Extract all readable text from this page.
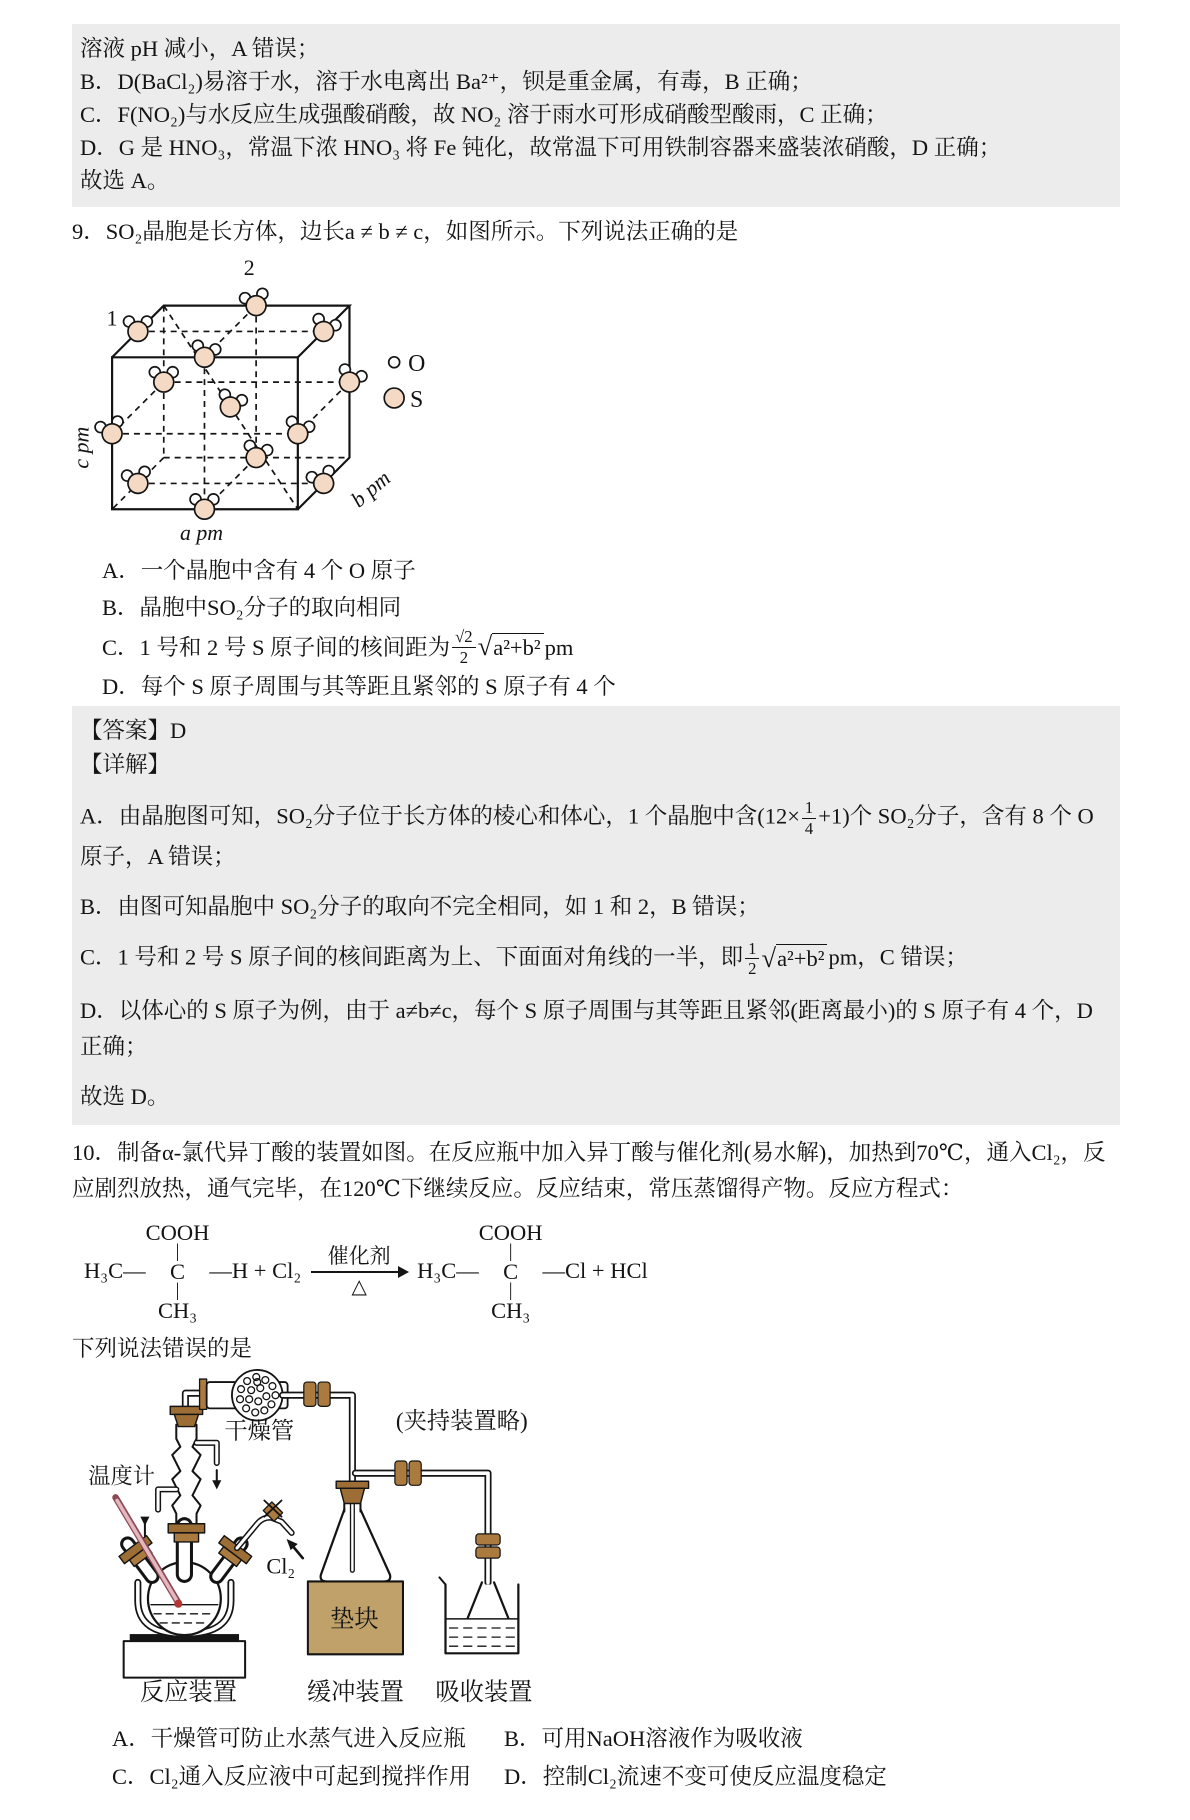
溶液 pH 减小，A 错误；

B．D(BaCl₂)易溶于水，溶于水电离出 Ba²⁺，钡是重金属，有毒，B 正确；

C．F(NO₂)与水反应生成强酸硝酸，故 NO₂ 溶于雨水可形成硝酸型酸雨，C 正确；

D．G 是 HNO₃，常温下浓 HNO₃ 将 Fe 钝化，故常温下可用铁制容器来盛装浓硝酸，D 正确；

故选 A。

9．SO₂晶胞是长方体，边长a ≠ b ≠ c，如图所示。下列说法正确的是

1
2
c pm
a pm
b pm
O
S

A．一个晶胞中含有 4 个 O 原子

B．晶胞中SO₂分子的取向相同

C．1 号和 2 号 S 原子间的核间距为 $\frac{√2}{2}$ √ a²+b² pm

D．每个 S 原子周围与其等距且紧邻的 S 原子有 4 个

【答案】D

【详解】

A．由晶胞图可知，SO₂分子位于长方体的棱心和体心，1 个晶胞中含$(12\times \frac{1}{4} +1)$个 SO₂分子，含有 8 个 O 原子，A 错误；

B．由图可知晶胞中 SO₂分子的取向不完全相同，如 1 和 2，B 错误；

C．1 号和 2 号 S 原子间的核间距离为上、下面面对角线的一半，即 $\frac{1}{2}$ √ a²+b² pm，C 错误；

D．以体心的 S 原子为例，由于 a≠b≠c，每个 S 原子周围与其等距且紧邻(距离最小)的 S 原子有 4 个，D 正确；

故选 D。

10．制备α-氯代异丁酸的装置如图。在反应瓶中加入异丁酸与催化剂(易水解)，加热到70℃，通入Cl₂，反应剧烈放热，通气完毕，在120℃下继续反应。反应结束，常压蒸馏得产物。反应方程式：

H₃C—
COOH
|
C
|
CH₃
—H + Cl₂
催化剂
△
H₃C—
COOH
|
C
|
CH₃
—Cl + HCl

下列说法错误的是

干燥管	(夹持装置略)
温度计
Cl₂
垫块
反应装置	缓冲装置 吸收装置

A．干燥管可防止水蒸气进入反应瓶	B．可用NaOH溶液作为吸收液

C．Cl₂通入反应液中可起到搅拌作用	D．控制Cl₂流速不变可使反应温度稳定
